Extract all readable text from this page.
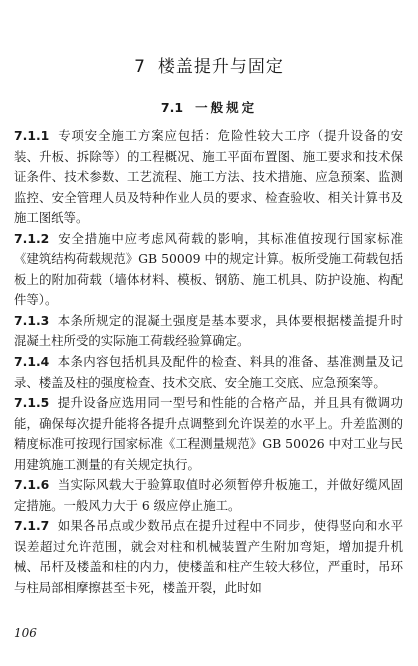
7 楼盖提升与固定
7.1 一般规定

7.1.1 专项安全施工方案应包括：危险性较大工序（提升设备的安装、升板、拆除等）的工程概况、施工平面布置图、施工要求和技术保证条件、技术参数、工艺流程、施工方法、技术措施、应急预案、监测监控、安全管理人员及特种作业人员的要求、检查验收、相关计算书及施工图纸等。

7.1.2 安全措施中应考虑风荷载的影响，其标准值按现行国家标准《建筑结构荷载规范》GB 50009 中的规定计算。板所受施工荷载包括板上的附加荷载（墙体材料、模板、钢筋、施工机具、防护设施、构配件等）。

7.1.3 本条所规定的混凝土强度是基本要求，具体要根据楼盖提升时混凝土柱所受的实际施工荷载经验算确定。

7.1.4 本条内容包括机具及配件的检查、料具的准备、基准测量及记录、楼盖及柱的强度检查、技术交底、安全施工交底、应急预案等。

7.1.5 提升设备应选用同一型号和性能的合格产品，并且具有微调功能，确保每次提升能将各提升点调整到允许误差的水平上。升差监测的精度标准可按现行国家标准《工程测量规范》GB 50026 中对工业与民用建筑施工测量的有关规定执行。

7.1.6 当实际风载大于验算取值时必须暂停升板施工，并做好缆风固定措施。一般风力大于 6 级应停止施工。

7.1.7 如果各吊点或少数吊点在提升过程中不同步，使得竖向和水平误差超过允许范围，就会对柱和机械装置产生附加弯矩，增加提升机械、吊杆及楼盖和柱的内力，使楼盖和柱产生较大移位，严重时，吊环与柱局部相摩擦甚至卡死，楼盖开裂，此时如

106
